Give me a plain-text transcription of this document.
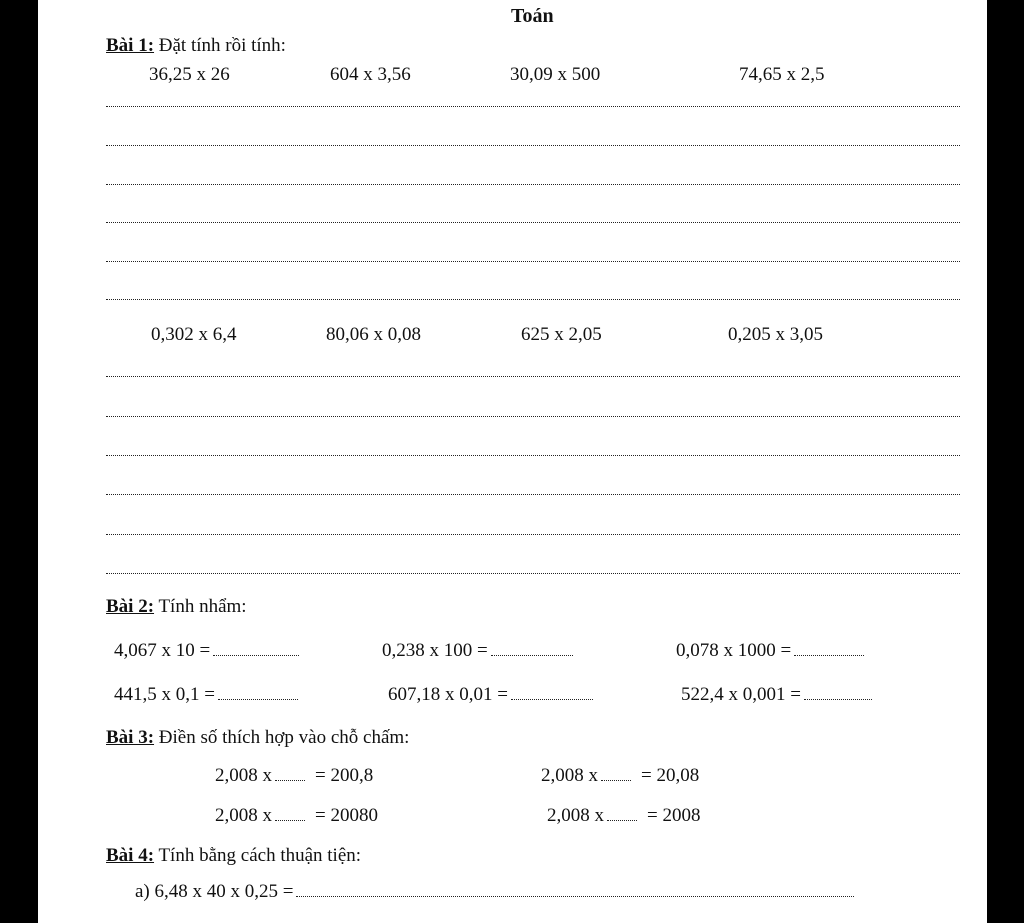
Toán
Bài 1: Đặt tính rồi tính:
36,25 x 26	604 x 3,56	30,09 x 500	74,65 x 2,5
0,302 x 6,4	80,06 x 0,08	625 x 2,05	0,205 x 3,05
Bài 2: Tính nhẩm:
4,067 x 10 =	0,238 x 100 =	0,078 x 1000 =
441,5 x 0,1 =	607,18 x 0,01 =	522,4 x 0,001 =
Bài 3: Điền số thích hợp vào chỗ chấm:
2,008 x = 200,8	2,008 x = 20,08
2,008 x = 20080	2,008 x = 2008
Bài 4: Tính bằng cách thuận tiện:
a) 6,48 x 40 x 0,25 =
